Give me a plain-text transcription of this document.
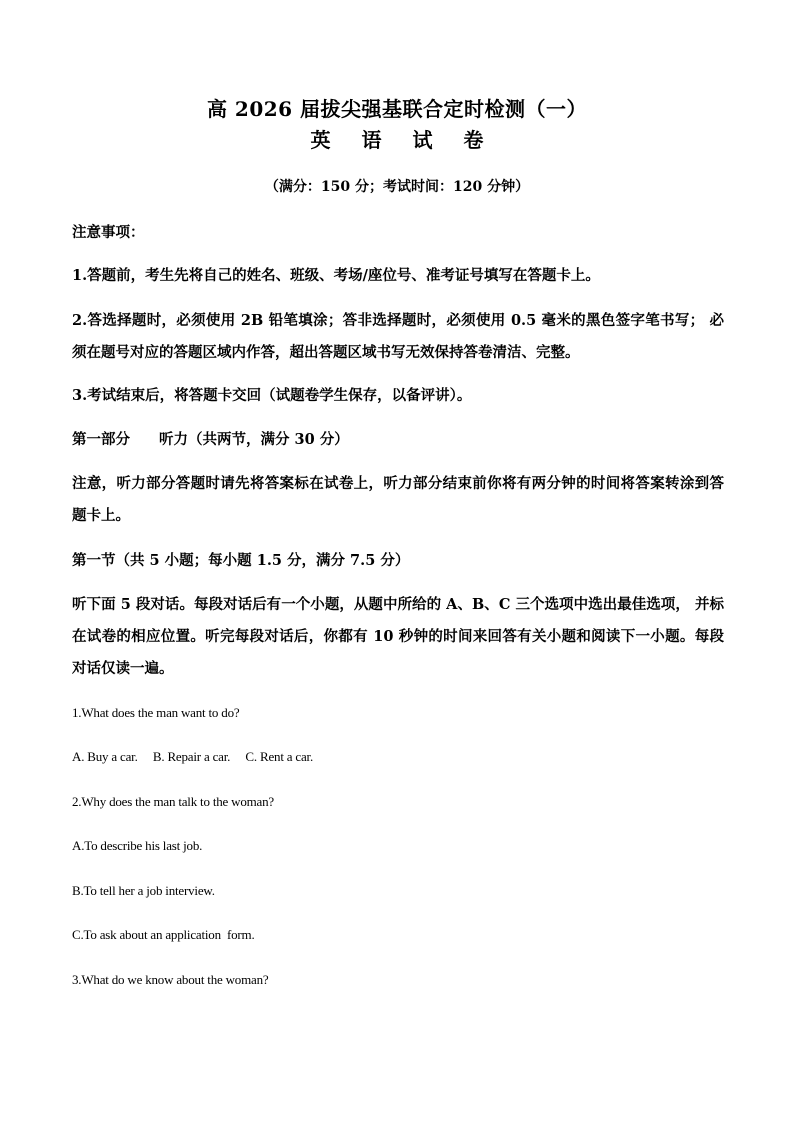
高 2026 届拔尖强基联合定时检测（一）
英 语 试 卷
（满分：150 分；考试时间：120 分钟）
注意事项：
1.答题前，考生先将自己的姓名、班级、考场/座位号、准考证号填写在答题卡上。
2.答选择题时，必须使用 2B 铅笔填涂；答非选择题时，必须使用 0.5 毫米的黑色签字笔书写； 必须在题号对应的答题区域内作答，超出答题区域书写无效保持答卷清洁、完整。
3.考试结束后，将答题卡交回（试题卷学生保存，以备评讲）。
第一部分　　听力（共两节，满分 30 分）
注意，听力部分答题时请先将答案标在试卷上，听力部分结束前你将有两分钟的时间将答案转涂到答题卡上。
第一节（共 5 小题；每小题 1.5 分，满分 7.5 分）
听下面 5 段对话。每段对话后有一个小题，从题中所给的 A、B、C 三个选项中选出最佳选项， 并标在试卷的相应位置。听完每段对话后，你都有 10 秒钟的时间来回答有关小题和阅读下一小题。每段对话仅读一遍。
1.What does the man want to do?
A. Buy a car.     B. Repair a car.     C. Rent a car.
2.Why does the man talk to the woman?
A.To describe his last job.
B.To tell her a job interview.
C.To ask about an application  form.
3.What do we know about the woman?
